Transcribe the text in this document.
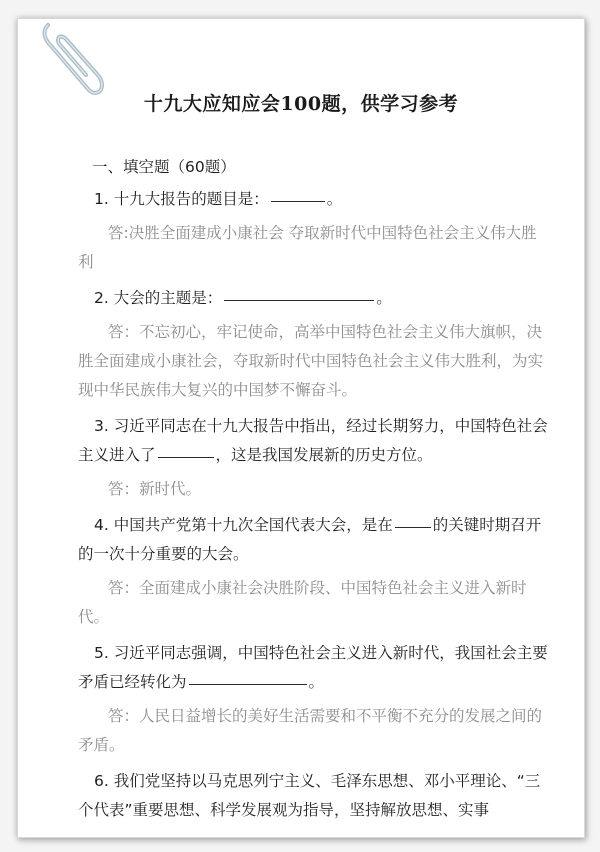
十九大应知应会100题，供学习参考
一、填空题（60题）

1. 十九大报告的题目是：	。

答:决胜全面建成小康社会 夺取新时代中国特色社会主义伟大胜利

2. 大会的主题是：	。

答：不忘初心，牢记使命，高举中国特色社会主义伟大旗帜，决胜全面建成小康社会，夺取新时代中国特色社会主义伟大胜利，为实现中华民族伟大复兴的中国梦不懈奋斗。

3. 习近平同志在十九大报告中指出，经过长期努力，中国特色社会主义进入了	，这是我国发展新的历史方位。

答：新时代。

4. 中国共产党第十九次全国代表大会，是在	的关键时期召开的一次十分重要的大会。

答：全面建成小康社会决胜阶段、中国特色社会主义进入新时代。

5. 习近平同志强调，中国特色社会主义进入新时代，我国社会主要矛盾已经转化为	。

答：人民日益增长的美好生活需要和不平衡不充分的发展之间的矛盾。

6. 我们党坚持以马克思列宁主义、毛泽东思想、邓小平理论、“三个代表”重要思想、科学发展观为指导，坚持解放思想、实事
